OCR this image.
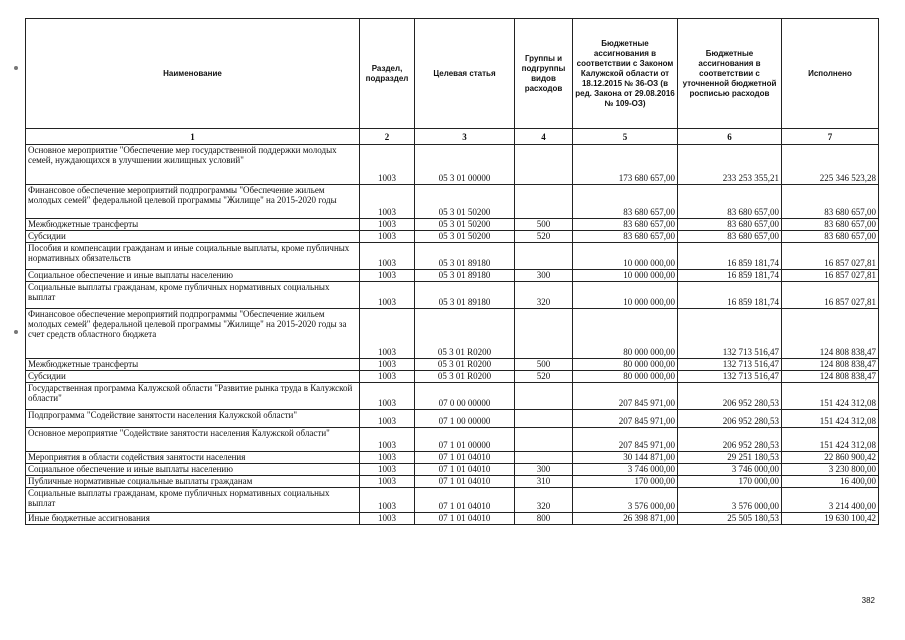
Наименование	Раздел, подраздел	Целевая статья	Группы и подгруппы видов расходов	Бюджетные ассигнования в соответствии с Законом Калужской области от 18.12.2015 № 36-ОЗ (в ред. Закона от 29.08.2016 № 109-ОЗ)	Бюджетные ассигнования в соответствии с уточненной бюджетной росписью расходов	Исполнено
1	2	3	4	5	6	7
Основное мероприятие "Обеспечение мер государственной поддержки молодых семей, нуждающихся в улучшении жилищных условий"	1003	05 3 01 00000		173 680 657,00	233 253 355,21	225 346 523,28
Финансовое обеспечение мероприятий подпрограммы "Обеспечение жильем молодых семей" федеральной целевой программы "Жилище" на 2015-2020 годы	1003	05 3 01 50200		83 680 657,00	83 680 657,00	83 680 657,00
Межбюджетные трансферты	1003	05 3 01 50200	500	83 680 657,00	83 680 657,00	83 680 657,00
Субсидии	1003	05 3 01 50200	520	83 680 657,00	83 680 657,00	83 680 657,00
Пособия и компенсации гражданам и иные социальные выплаты, кроме публичных нормативных обязательств	1003	05 3 01 89180		10 000 000,00	16 859 181,74	16 857 027,81
Социальное обеспечение и иные выплаты населению	1003	05 3 01 89180	300	10 000 000,00	16 859 181,74	16 857 027,81
Социальные выплаты гражданам, кроме публичных нормативных социальных выплат	1003	05 3 01 89180	320	10 000 000,00	16 859 181,74	16 857 027,81
Финансовое обеспечение мероприятий подпрограммы "Обеспечение жильем молодых семей" федеральной целевой программы "Жилище" на 2015-2020 годы за счет средств областного бюджета	1003	05 3 01 R0200		80 000 000,00	132 713 516,47	124 808 838,47
Межбюджетные трансферты	1003	05 3 01 R0200	500	80 000 000,00	132 713 516,47	124 808 838,47
Субсидии	1003	05 3 01 R0200	520	80 000 000,00	132 713 516,47	124 808 838,47
Государственная программа Калужской области "Развитие рынка труда в Калужской области"	1003	07 0 00 00000		207 845 971,00	206 952 280,53	151 424 312,08
Подпрограмма "Содействие занятости населения Калужской области"	1003	07 1 00 00000		207 845 971,00	206 952 280,53	151 424 312,08
Основное мероприятие "Содействие занятости населения Калужской области"	1003	07 1 01 00000		207 845 971,00	206 952 280,53	151 424 312,08
Мероприятия в области содействия занятости населения	1003	07 1 01 04010		30 144 871,00	29 251 180,53	22 860 900,42
Социальное обеспечение и иные выплаты населению	1003	07 1 01 04010	300	3 746 000,00	3 746 000,00	3 230 800,00
Публичные нормативные социальные выплаты гражданам	1003	07 1 01 04010	310	170 000,00	170 000,00	16 400,00
Социальные выплаты гражданам, кроме публичных нормативных социальных выплат	1003	07 1 01 04010	320	3 576 000,00	3 576 000,00	3 214 400,00
Иные бюджетные ассигнования	1003	07 1 01 04010	800	26 398 871,00	25 505 180,53	19 630 100,42
382
